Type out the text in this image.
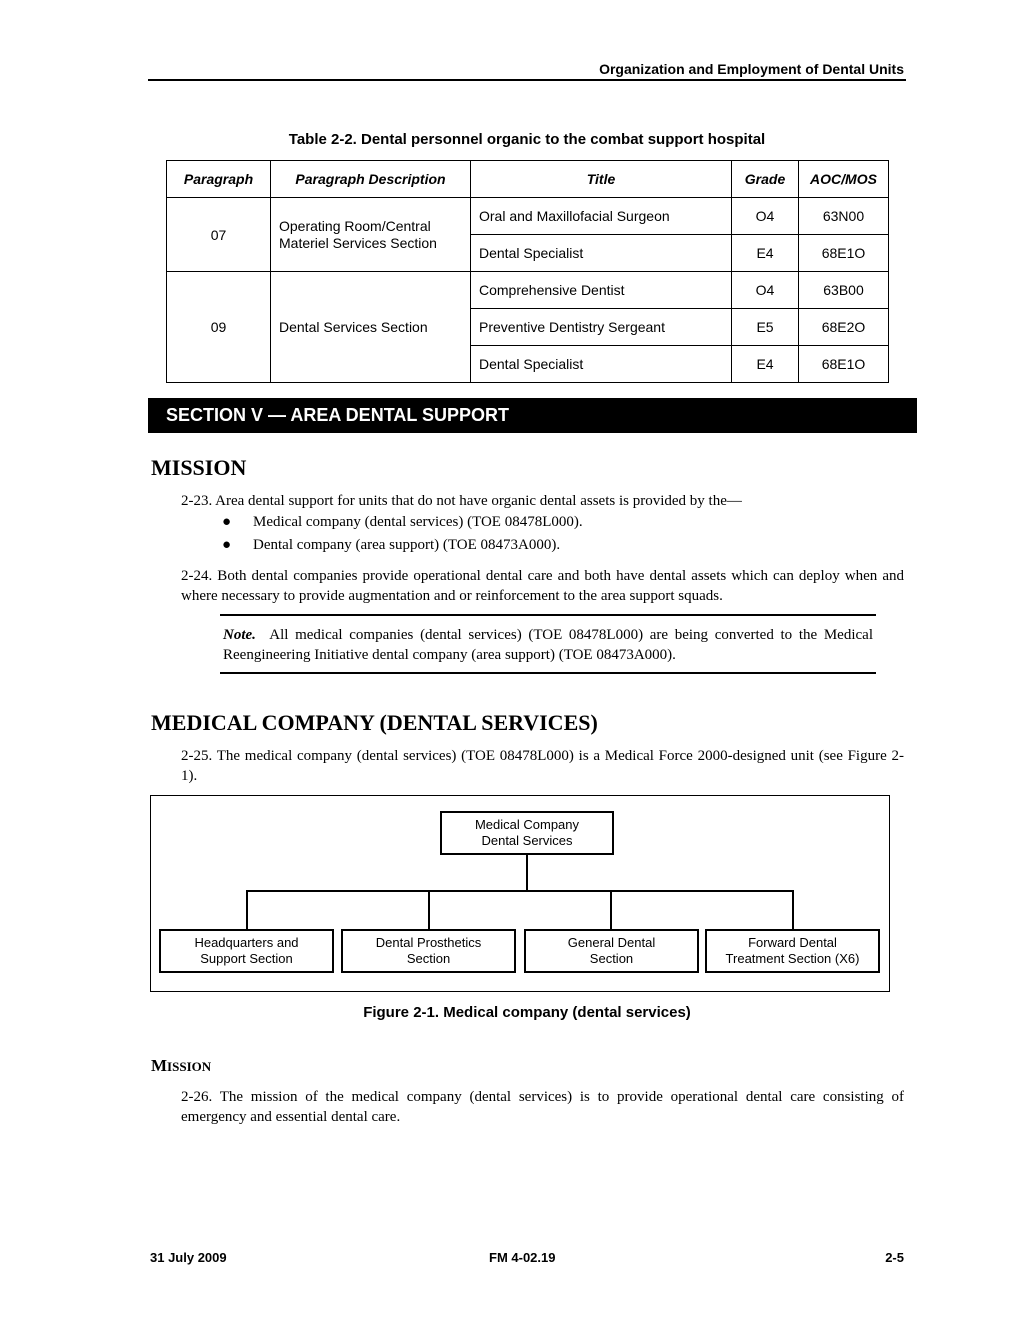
Organization and Employment of Dental Units
Table 2-2. Dental personnel organic to the combat support hospital
Paragraph	Paragraph Description	Title	Grade	AOC/MOS
07	Operating Room/Central Materiel Services Section	Oral and Maxillofacial Surgeon	O4	63N00
		Dental Specialist	E4	68E1O
09	Dental Services Section	Comprehensive Dentist	O4	63B00
		Preventive Dentistry Sergeant	E5	68E2O
		Dental Specialist	E4	68E1O
SECTION V — AREA DENTAL SUPPORT
MISSION
2-23. Area dental support for units that do not have organic dental assets is provided by the—
● Medical company (dental services) (TOE 08478L000).
● Dental company (area support) (TOE 08473A000).
2-24. Both dental companies provide operational dental care and both have dental assets which can deploy when and where necessary to provide augmentation and or reinforcement to the area support squads.
Note. All medical companies (dental services) (TOE 08478L000) are being converted to the Medical Reengineering Initiative dental company (area support) (TOE 08473A000).
MEDICAL COMPANY (DENTAL SERVICES)
2-25. The medical company (dental services) (TOE 08478L000) is a Medical Force 2000-designed unit (see Figure 2-1).
Medical Company
Dental Services
Headquarters and
Support Section
Dental Prosthetics
Section
General Dental
Section
Forward Dental
Treatment Section (X6)
Figure 2-1. Medical company (dental services)
MISSION
2-26. The mission of the medical company (dental services) is to provide operational dental care consisting of emergency and essential dental care.
31 July 2009	FM 4-02.19	2-5
